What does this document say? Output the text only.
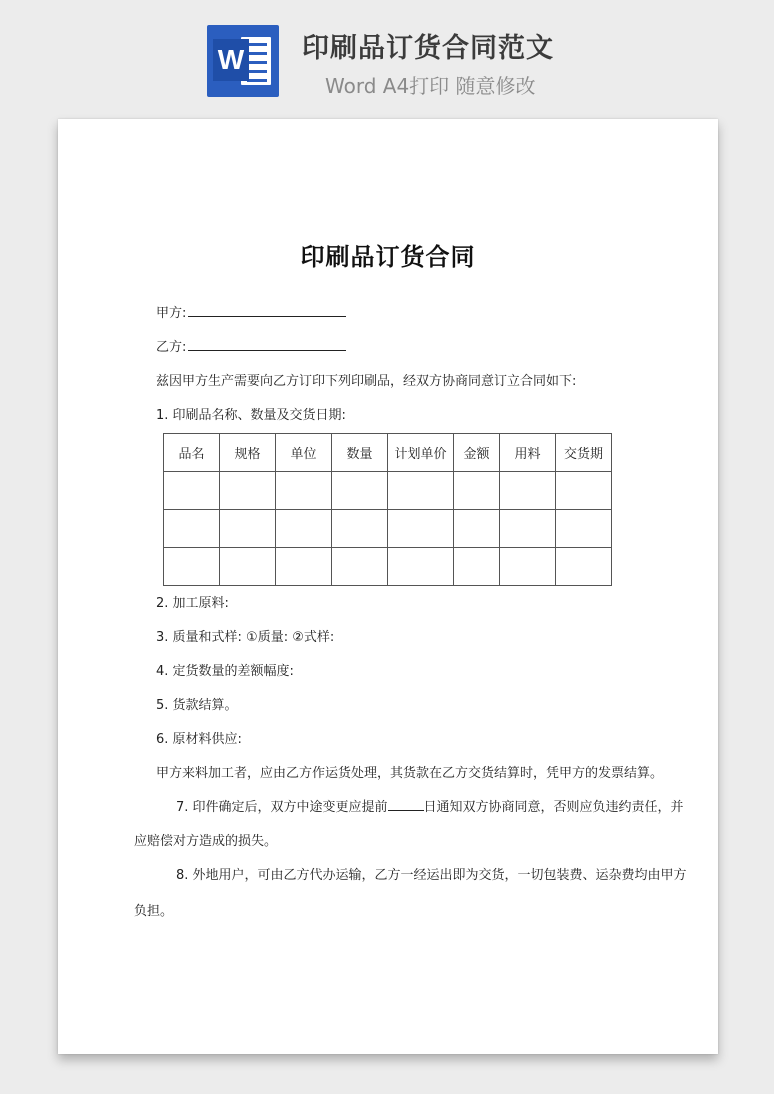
W 印刷品订货合同范文
Word A4打印 随意修改

印刷品订货合同
甲方:
乙方:
兹因甲方生产需要向乙方订印下列印刷品，经双方协商同意订立合同如下:
1. 印刷品名称、数量及交货日期:
品名	规格	单位	数量	计划单价	金额	用料	交货期

2. 加工原料:
3. 质量和式样: ①质量: ②式样:
4. 定货数量的差额幅度:
5. 货款结算。
6. 原材料供应:
甲方来料加工者，应由乙方作运货处理，其货款在乙方交货结算时，凭甲方的发票结算。
7. 印件确定后，双方中途变更应提前	日通知双方协商同意，否则应负违约责任，并
应赔偿对方造成的损失。
8. 外地用户，可由乙方代办运输，乙方一经运出即为交货，一切包装费、运杂费均由甲方
负担。
